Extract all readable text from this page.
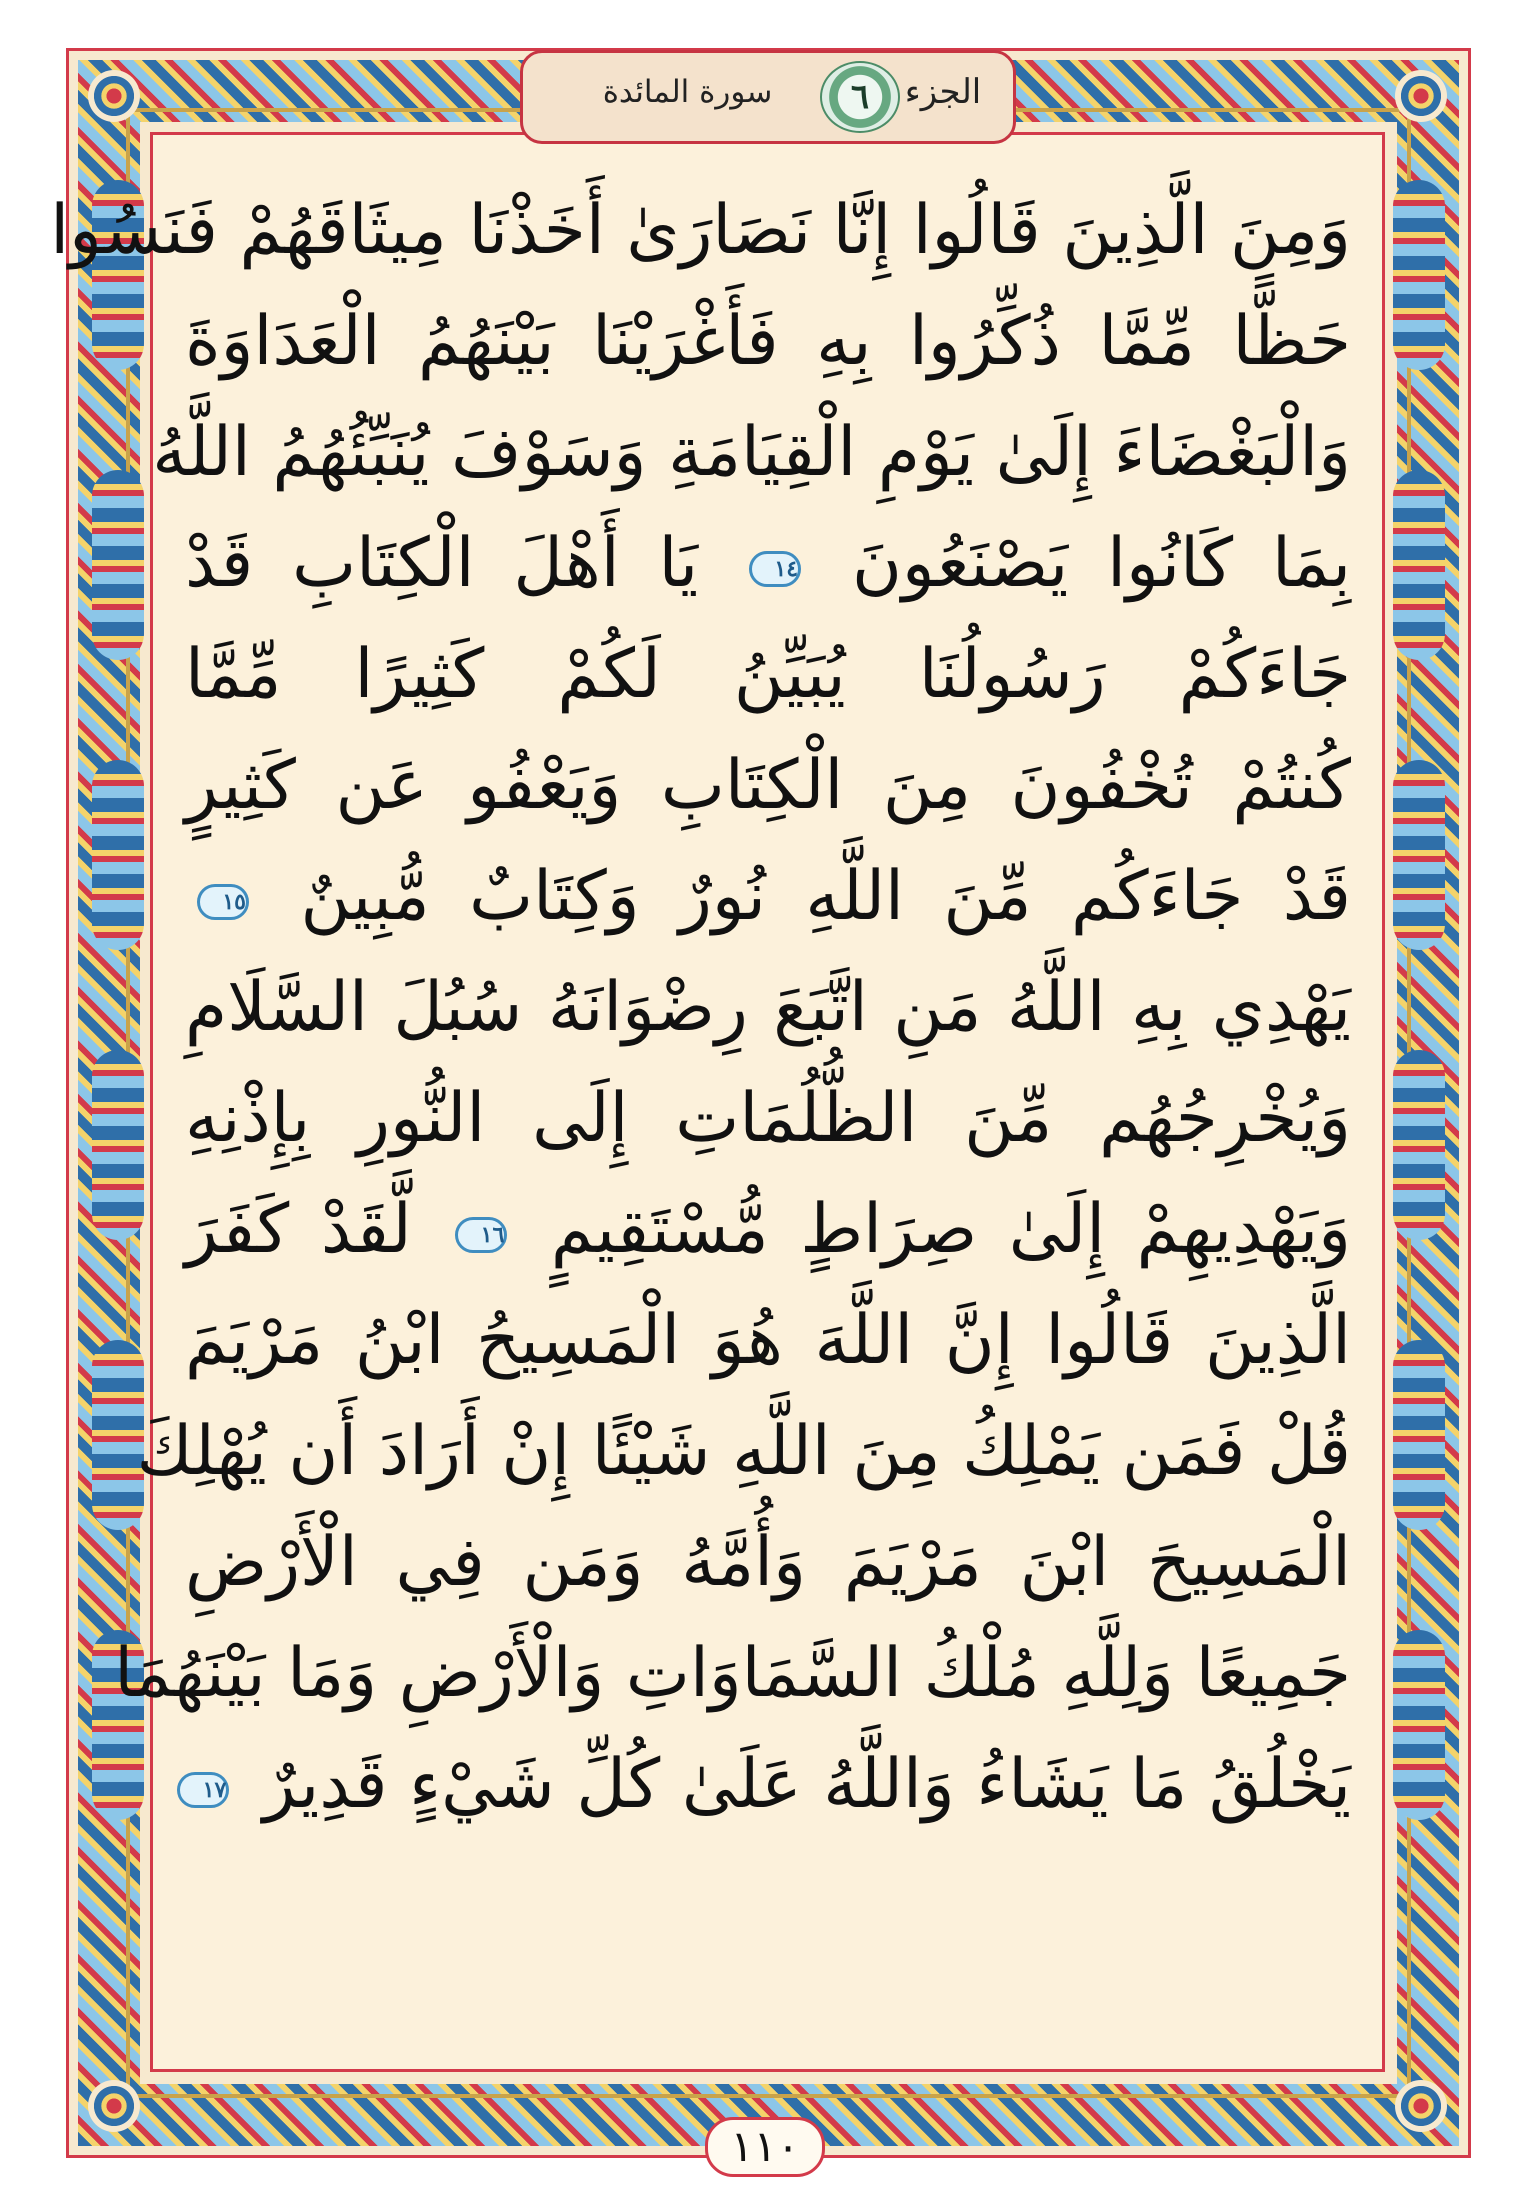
الجزء
٦
سورة المائدة
وَمِنَ الَّذِينَ قَالُوا إِنَّا نَصَارَىٰ أَخَذْنَا مِيثَاقَهُمْ فَنَسُوا
حَظًّا مِّمَّا ذُكِّرُوا بِهِ فَأَغْرَيْنَا بَيْنَهُمُ الْعَدَاوَةَ
وَالْبَغْضَاءَ إِلَىٰ يَوْمِ الْقِيَامَةِ وَسَوْفَ يُنَبِّئُهُمُ اللَّهُ
بِمَا كَانُوا يَصْنَعُونَ ١٤ يَا أَهْلَ الْكِتَابِ قَدْ
جَاءَكُمْ رَسُولُنَا يُبَيِّنُ لَكُمْ كَثِيرًا مِّمَّا
كُنتُمْ تُخْفُونَ مِنَ الْكِتَابِ وَيَعْفُو عَن كَثِيرٍ
قَدْ جَاءَكُم مِّنَ اللَّهِ نُورٌ وَكِتَابٌ مُّبِينٌ ١٥
يَهْدِي بِهِ اللَّهُ مَنِ اتَّبَعَ رِضْوَانَهُ سُبُلَ السَّلَامِ
وَيُخْرِجُهُم مِّنَ الظُّلُمَاتِ إِلَى النُّورِ بِإِذْنِهِ
وَيَهْدِيهِمْ إِلَىٰ صِرَاطٍ مُّسْتَقِيمٍ ١٦ لَّقَدْ كَفَرَ
الَّذِينَ قَالُوا إِنَّ اللَّهَ هُوَ الْمَسِيحُ ابْنُ مَرْيَمَ
قُلْ فَمَن يَمْلِكُ مِنَ اللَّهِ شَيْئًا إِنْ أَرَادَ أَن يُهْلِكَ
الْمَسِيحَ ابْنَ مَرْيَمَ وَأُمَّهُ وَمَن فِي الْأَرْضِ
جَمِيعًا وَلِلَّهِ مُلْكُ السَّمَاوَاتِ وَالْأَرْضِ وَمَا بَيْنَهُمَا
يَخْلُقُ مَا يَشَاءُ وَاللَّهُ عَلَىٰ كُلِّ شَيْءٍ قَدِيرٌ ١٧
١١٠
